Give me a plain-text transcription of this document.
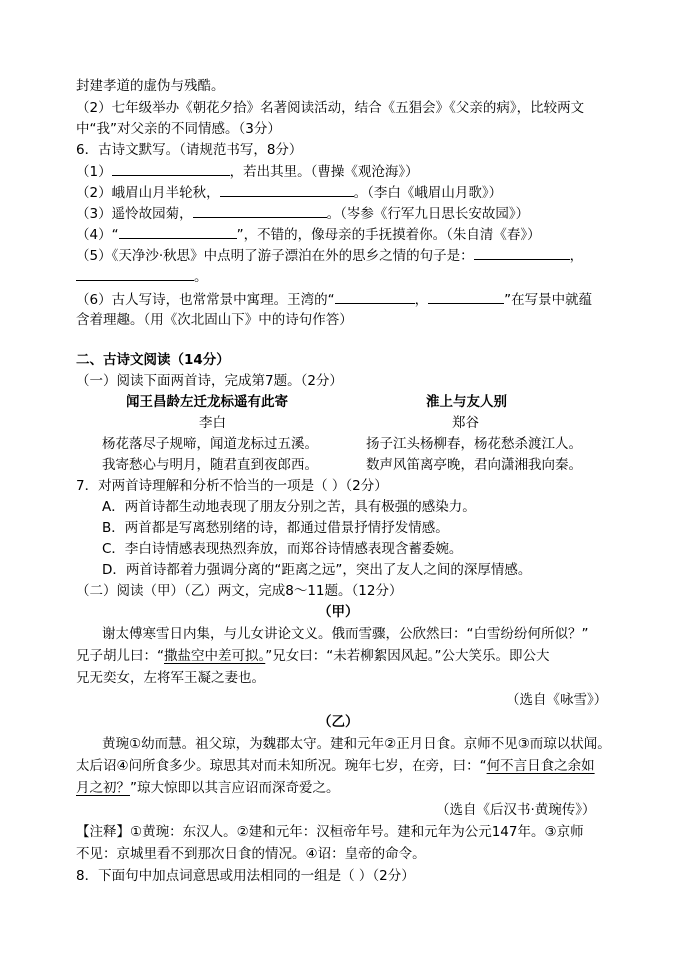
封建孝道的虚伪与残酷。
（2）七年级举办《朝花夕拾》名著阅读活动，结合《五猖会》《父亲的病》，比较两文
中“我”对父亲的不同情感。（3分）
6．古诗文默写。（请规范书写，8分）
（1）	，若出其里。（曹操《观沧海》）
（2）峨眉山月半轮秋，	。（李白《峨眉山月歌》）
（3）遥怜故园菊，	。（岑参《行军九日思长安故园》）
（4）“	”，不错的，像母亲的手抚摸着你。（朱自清《春》）
（5）《天净沙·秋思》中点明了游子漂泊在外的思乡之情的句子是：	，
。
（6）古人写诗，也常常景中寓理。王湾的“	，	”在写景中就蕴
含着理趣。（用《次北固山下》中的诗句作答）
二、古诗文阅读（14分）
（一）阅读下面两首诗，完成第7题。（2分）
闻王昌龄左迁龙标遥有此寄
李白
杨花落尽子规啼，闻道龙标过五溪。
我寄愁心与明月，随君直到夜郎西。
淮上与友人别
郑谷
扬子江头杨柳春，杨花愁杀渡江人。
数声风笛离亭晚，君向潇湘我向秦。
7．对两首诗理解和分析不恰当的一项是（ ）（2分）
A．两首诗都生动地表现了朋友分别之苦，具有极强的感染力。
B．两首都是写离愁别绪的诗，都通过借景抒情抒发情感。
C．李白诗情感表现热烈奔放，而郑谷诗情感表现含蓄委婉。
D．两首诗都着力强调分离的“距离之远”，突出了友人之间的深厚情感。
（二）阅读（甲）（乙）两文，完成8～11题。（12分）
（甲）
谢太傅寒雪日内集，与儿女讲论文义。俄而雪骤，公欣然曰：“白雪纷纷何所似？”
兄子胡儿曰：“撒盐空中差可拟。”兄女曰：“未若柳絮因风起。”公大笑乐。即公大
兄无奕女，左将军王凝之妻也。
（选自《咏雪》）
（乙）
黄琬①幼而慧。祖父琼，为魏郡太守。建和元年②正月日食。京师不见③而琼以状闻。
太后诏④问所食多少。琼思其对而未知所况。琬年七岁，在旁，曰：“何不言日食之余如
月之初？”琼大惊即以其言应诏而深奇爱之。
（选自《后汉书·黄琬传》）
【注释】①黄琬：东汉人。②建和元年：汉桓帝年号。建和元年为公元147年。③京师
不见：京城里看不到那次日食的情况。④诏：皇帝的命令。
8．下面句中加点词意思或用法相同的一组是（ ）（2分）
